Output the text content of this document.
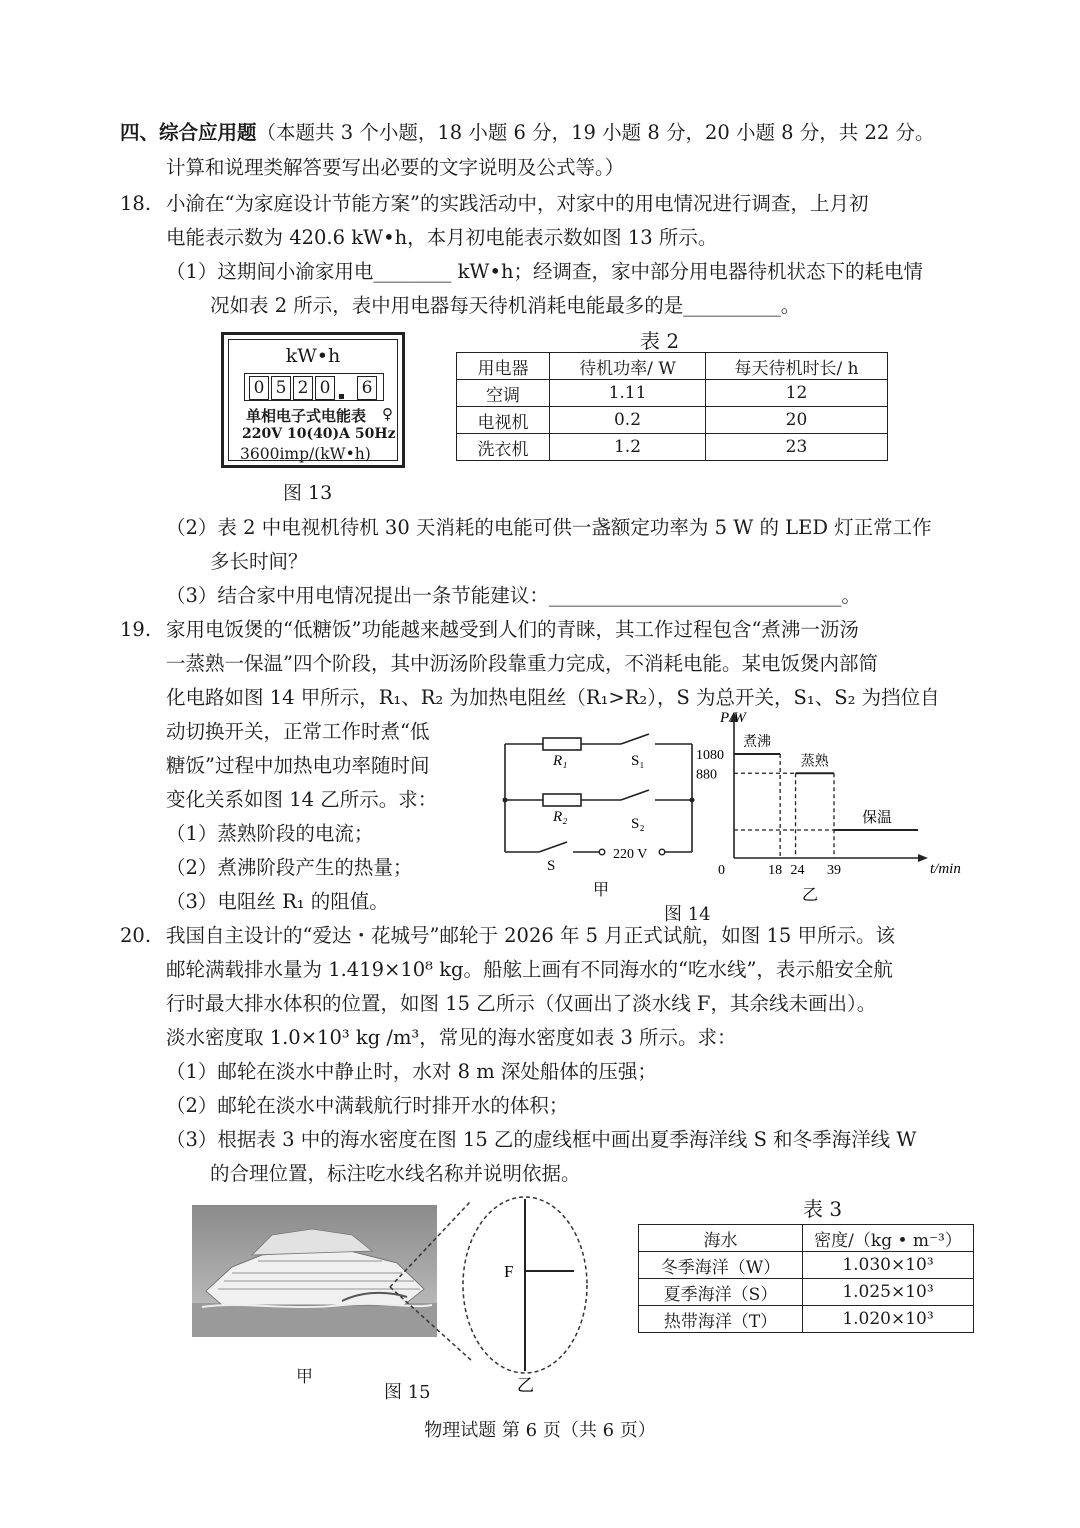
四、综合应用题（本题共 3 个小题，18 小题 6 分，19 小题 8 分，20 小题 8 分，共 22 分。
计算和说理类解答要写出必要的文字说明及公式等。）
18. 小渝在“为家庭设计节能方案”的实践活动中，对家中的用电情况进行调查，上月初
电能表示数为 420.6 kW•h，本月初电能表示数如图 13 所示。
（1）这期间小渝家用电________ kW•h；经调查，家中部分用电器待机状态下的耗电情
况如表 2 所示，表中用电器每天待机消耗电能最多的是__________。
kW•h
0 5 2 0 6
单相电子式电能表 ♀
220V 10(40)A 50Hz
3600imp/(kW•h)
图 13
表 2
用电器	待机功率/ W	每天待机时长/ h
空调	1.11	12
电视机	0.2	20
洗衣机	1.2	23
（2）表 2 中电视机待机 30 天消耗的电能可供一盏额定功率为 5 W 的 LED 灯正常工作
多长时间？
（3）结合家中用电情况提出一条节能建议：______________________________。
19. 家用电饭煲的“低糖饭”功能越来越受到人们的青睐，其工作过程包含“煮沸一沥汤
一蒸熟一保温”四个阶段，其中沥汤阶段靠重力完成，不消耗电能。某电饭煲内部简
化电路如图 14 甲所示，R₁、R₂ 为加热电阻丝（R₁>R₂），S 为总开关，S₁、S₂ 为挡位自
动切换开关，正常工作时煮“低
糖饭”过程中加热电功率随时间
变化关系如图 14 乙所示。求：
（1）蒸熟阶段的电流；
（2）煮沸阶段产生的热量；
（3）电阻丝 R₁ 的阻值。
R₁	S₁
R₂	S₂
S
220 V
甲
P/W
t/min
煮沸
蒸熟
保温
1080
880
0	18 24 39
乙
图 14
20. 我国自主设计的“爱达・花城号”邮轮于 2026 年 5 月正式试航，如图 15 甲所示。该
邮轮满载排水量为 1.419×10⁸ kg。船舷上画有不同海水的“吃水线”，表示船安全航
行时最大排水体积的位置，如图 15 乙所示（仅画出了淡水线 F，其余线未画出）。
淡水密度取 1.0×10³ kg /m³，常见的海水密度如表 3 所示。求：
（1）邮轮在淡水中静止时，水对 8 m 深处船体的压强；
（2）邮轮在淡水中满载航行时排开水的体积；
（3）根据表 3 中的海水密度在图 15 乙的虚线框中画出夏季海洋线 S 和冬季海洋线 W
的合理位置，标注吃水线名称并说明依据。
甲
图 15
F
乙
表 3
海水	密度/（kg • m⁻³）
冬季海洋（W）	1.030×10³
夏季海洋（S）	1.025×10³
热带海洋（T）	1.020×10³
物理试题 第 6 页（共 6 页）
